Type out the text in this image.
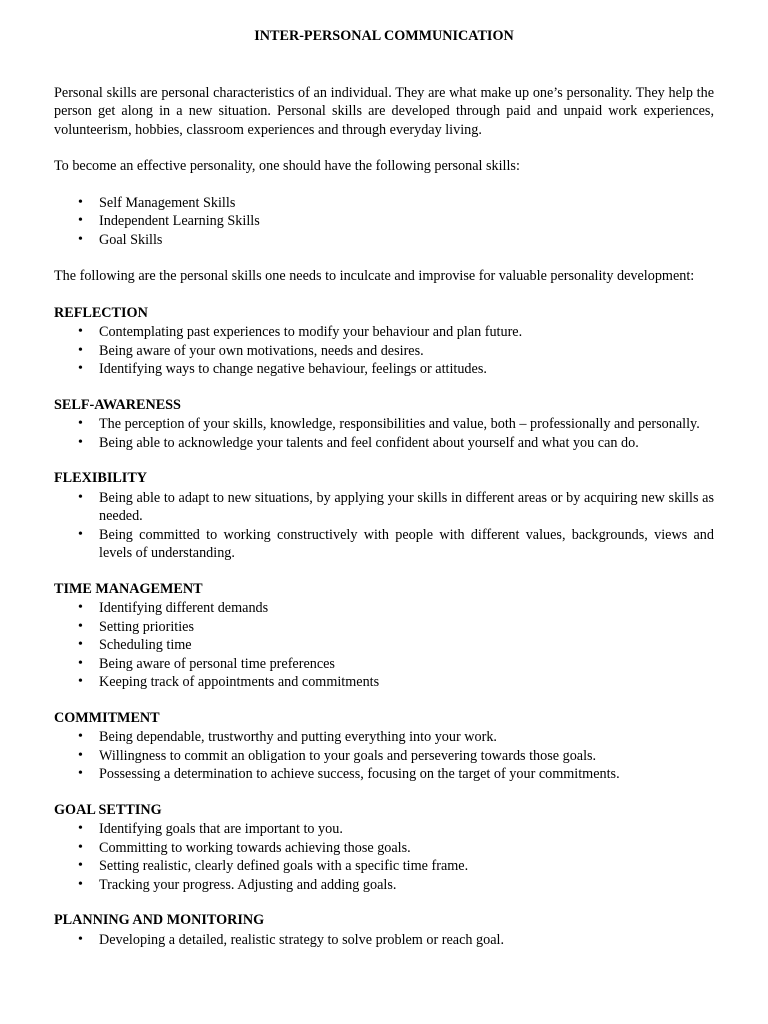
INTER-PERSONAL COMMUNICATION

Personal skills are personal characteristics of an individual. They are what make up one’s personality. They help the person get along in a new situation. Personal skills are developed through paid and unpaid work experiences, volunteerism, hobbies, classroom experiences and through everyday living.

To become an effective personality, one should have the following personal skills:

• Self Management Skills
• Independent Learning Skills
• Goal Skills

The following are the personal skills one needs to inculcate and improvise for valuable personality development:

REFLECTION
• Contemplating past experiences to modify your behaviour and plan future.
• Being aware of your own motivations, needs and desires.
• Identifying ways to change negative behaviour, feelings or attitudes.
SELF-AWARENESS
• The perception of your skills, knowledge, responsibilities and value, both – professionally and personally.
• Being able to acknowledge your talents and feel confident about yourself and what you can do.
FLEXIBILITY
• Being able to adapt to new situations, by applying your skills in different areas or by acquiring new skills as needed.
• Being committed to working constructively with people with different values, backgrounds, views and levels of understanding.
TIME MANAGEMENT
• Identifying different demands
• Setting priorities
• Scheduling time
• Being aware of personal time preferences
• Keeping track of appointments and commitments
COMMITMENT
• Being dependable, trustworthy and putting everything into your work.
• Willingness to commit an obligation to your goals and persevering towards those goals.
• Possessing a determination to achieve success, focusing on the target of your commitments.
GOAL SETTING
• Identifying goals that are important to you.
• Committing to working towards achieving those goals.
• Setting realistic, clearly defined goals with a specific time frame.
• Tracking your progress. Adjusting and adding goals.
PLANNING AND MONITORING
• Developing a detailed, realistic strategy to solve problem or reach goal.
